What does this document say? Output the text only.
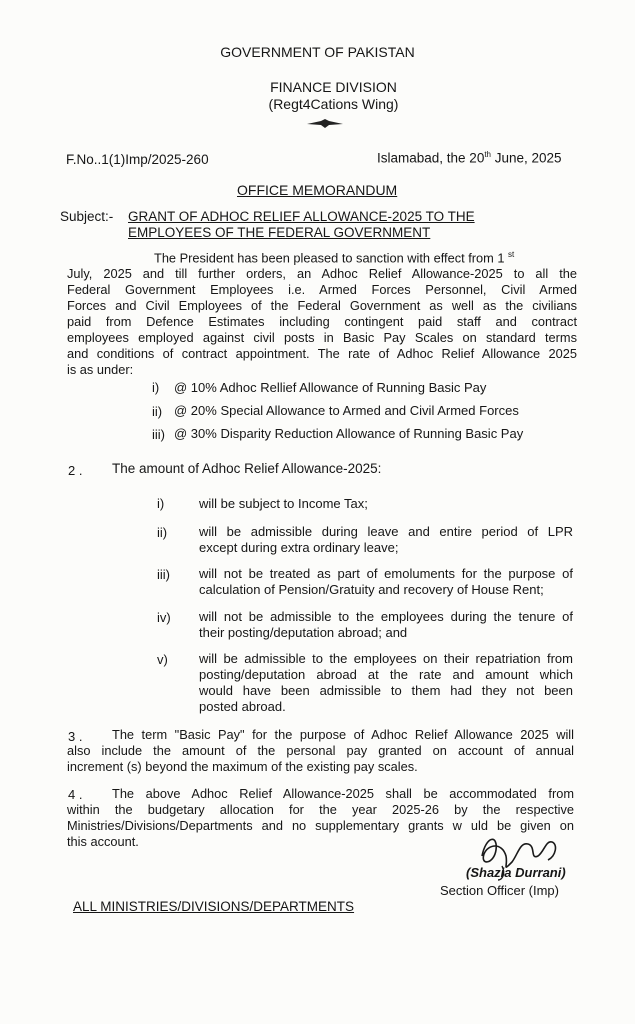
GOVERNMENT OF PAKISTAN
FINANCE DIVISION
(Regt4Cations Wing)
F.No..1(1)Imp/2025-260	Islamabad, the 20th June, 2025
OFFICE MEMORANDUM
Subject:- GRANT OF ADHOC RELIEF ALLOWANCE-2025 TO THE
EMPLOYEES OF THE FEDERAL GOVERNMENT
The President has been pleased to sanction with effect from 1 $^{st}$
July, 2025 and till further orders, an Adhoc Relief Allowance-2025 to all the
Federal Government Employees i.e. Armed Forces Personnel, Civil Armed
Forces and Civil Employees of the Federal Government as well as the civilians
paid from Defence Estimates including contingent paid staff and contract
employees employed against civil posts in Basic Pay Scales on standard terms
and conditions of contract appointment. The rate of Adhoc Relief Allowance 2025
is as under:
i) @ 10% Adhoc Rellief Allowance of Running Basic Pay
ii) @ 20% Special Allowance to Armed and Civil Armed Forces
iii) @ 30% Disparity Reduction Allowance of Running Basic Pay
2 . The amount of Adhoc Relief Allowance-2025:
i)	will be subject to Income Tax;
ii) will be admissible during leave and entire period of LPR
except during extra ordinary leave;
iii) will not be treated as part of emoluments for the purpose of
calculation of Pension/Gratuity and recovery of House Rent;
iv) will not be admissible to the employees during the tenure of
their posting/deputation abroad; and
v) will be admissible to the employees on their repatriation from
posting/deputation abroad at the rate and amount which
would have been admissible to them had they not been
posted abroad.
3 . The term "Basic Pay" for the purpose of Adhoc Relief Allowance 2025 will
also include the amount of the personal pay granted on account of annual
increment (s) beyond the maximum of the existing pay scales.
4 . The above Adhoc Relief Allowance-2025 shall be accommodated from
within the budgetary allocation for the year 2025-26 by the respective
Ministries/Divisions/Departments and no supplementary grants w uld be given on
this account.
(Shazia Durrani)
Section Officer (Imp)
ALL MINISTRIES/DIVISIONS/DEPARTMENTS
